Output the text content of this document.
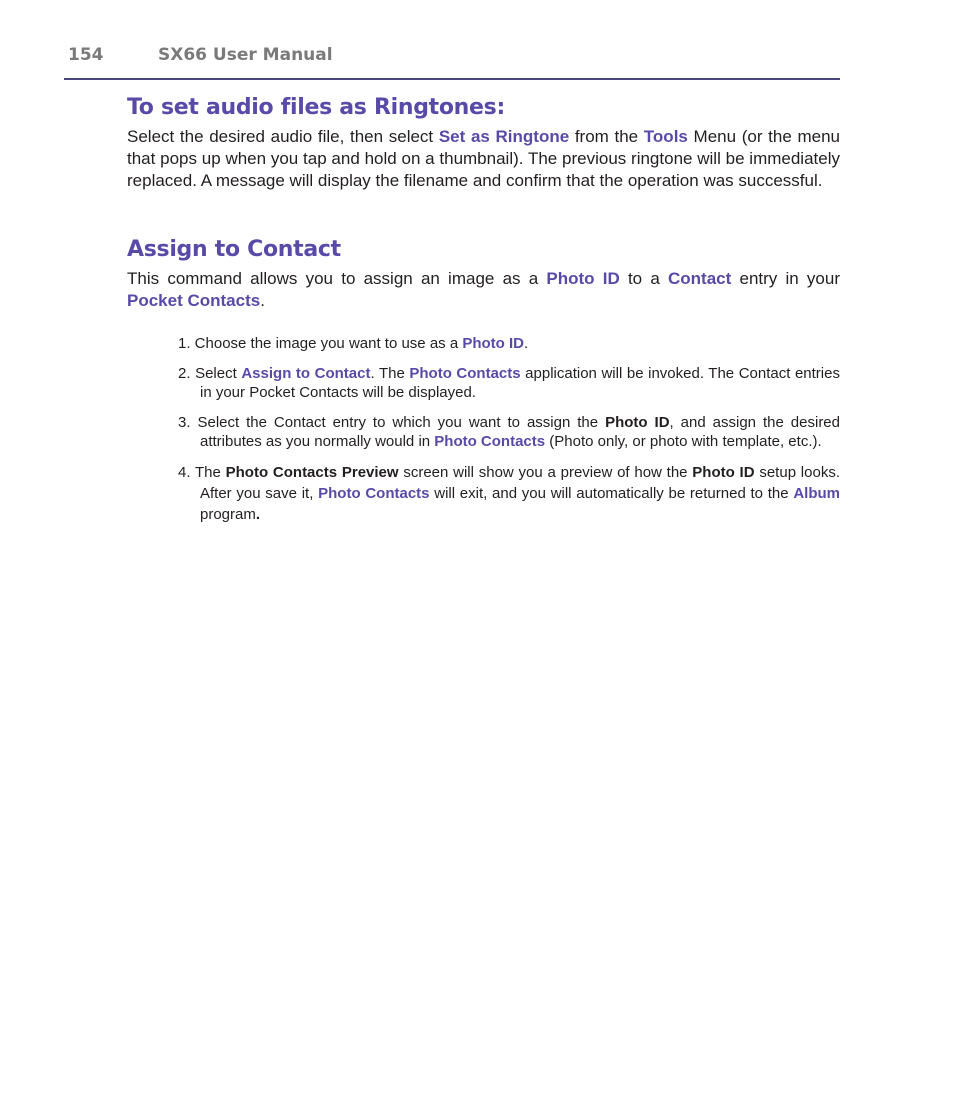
154	SX66 User Manual
To set audio files as Ringtones:

Select the desired audio file, then select Set as Ringtone from the Tools Menu (or the menu that pops up when you tap and hold on a thumbnail). The previous ringtone will be immediately replaced. A message will display the filename and confirm that the operation was successful.

Assign to Contact

This command allows you to assign an image as a Photo ID to a Contact entry in your Pocket Contacts.

1. Choose the image you want to use as a Photo ID.
2. Select Assign to Contact. The Photo Contacts application will be invoked. The Contact entries in your Pocket Contacts will be displayed.
3. Select the Contact entry to which you want to assign the Photo ID, and assign the desired attributes as you normally would in Photo Contacts (Photo only, or photo with template, etc.).
4. The Photo Contacts Preview screen will show you a preview of how the Photo ID setup looks. After you save it, Photo Contacts will exit, and you will automatically be returned to the Album program.
